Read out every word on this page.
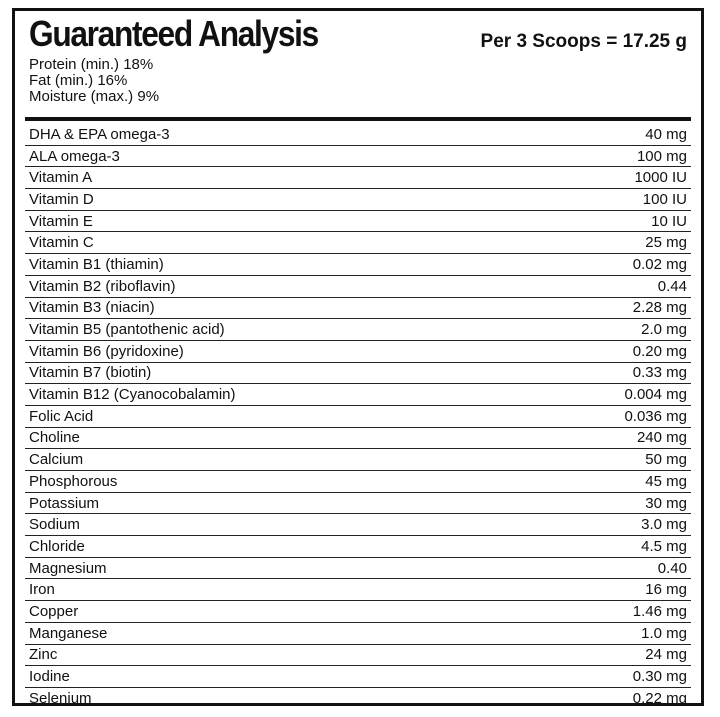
Guaranteed Analysis	Per 3 Scoops = 17.25 g
Protein (min.) 18%
Fat (min.) 16%
Moisture (max.) 9%
DHA & EPA omega-3	40 mg
ALA omega-3	100 mg
Vitamin A	1000 IU
Vitamin D	100 IU
Vitamin E	10 IU
Vitamin C	25 mg
Vitamin B1 (thiamin)	0.02 mg
Vitamin B2 (riboflavin)	0.44
Vitamin B3 (niacin)	2.28 mg
Vitamin B5 (pantothenic acid)	2.0 mg
Vitamin B6 (pyridoxine)	0.20 mg
Vitamin B7 (biotin)	0.33 mg
Vitamin B12 (Cyanocobalamin)	0.004 mg
Folic Acid	0.036 mg
Choline	240 mg
Calcium	50 mg
Phosphorous	45 mg
Potassium	30 mg
Sodium	3.0 mg
Chloride	4.5 mg
Magnesium	0.40
Iron	16 mg
Copper	1.46 mg
Manganese	1.0 mg
Zinc	24 mg
Iodine	0.30 mg
Selenium	0.22 mg
